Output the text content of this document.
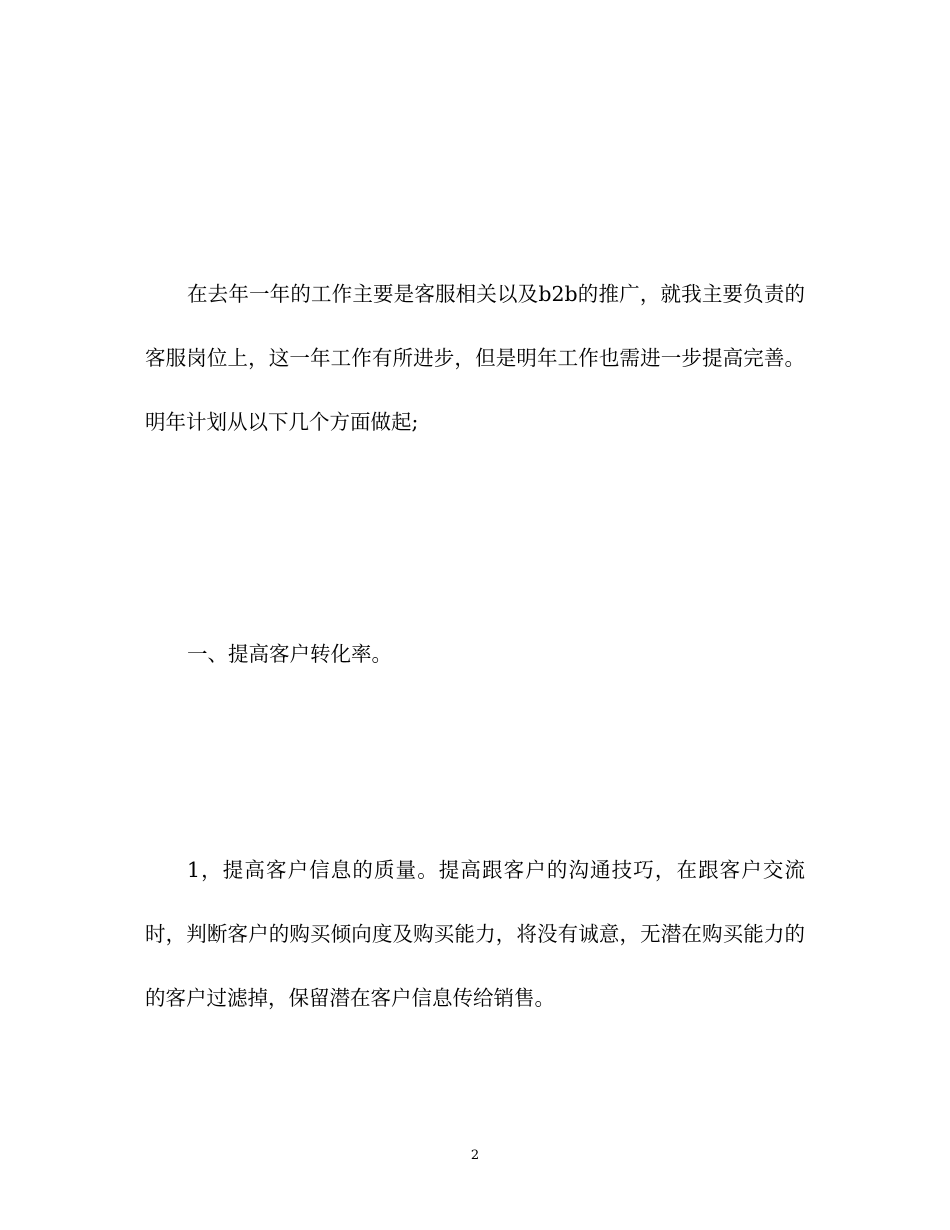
在去年一年的工作主要是客服相关以及b2b的推广，就我主要负责的客服岗位上，这一年工作有所进步，但是明年工作也需进一步提高完善。明年计划从以下几个方面做起;

一、提高客户转化率。

1，提高客户信息的质量。提高跟客户的沟通技巧，在跟客户交流时，判断客户的购买倾向度及购买能力，将没有诚意，无潜在购买能力的的客户过滤掉，保留潜在客户信息传给销售。

2
